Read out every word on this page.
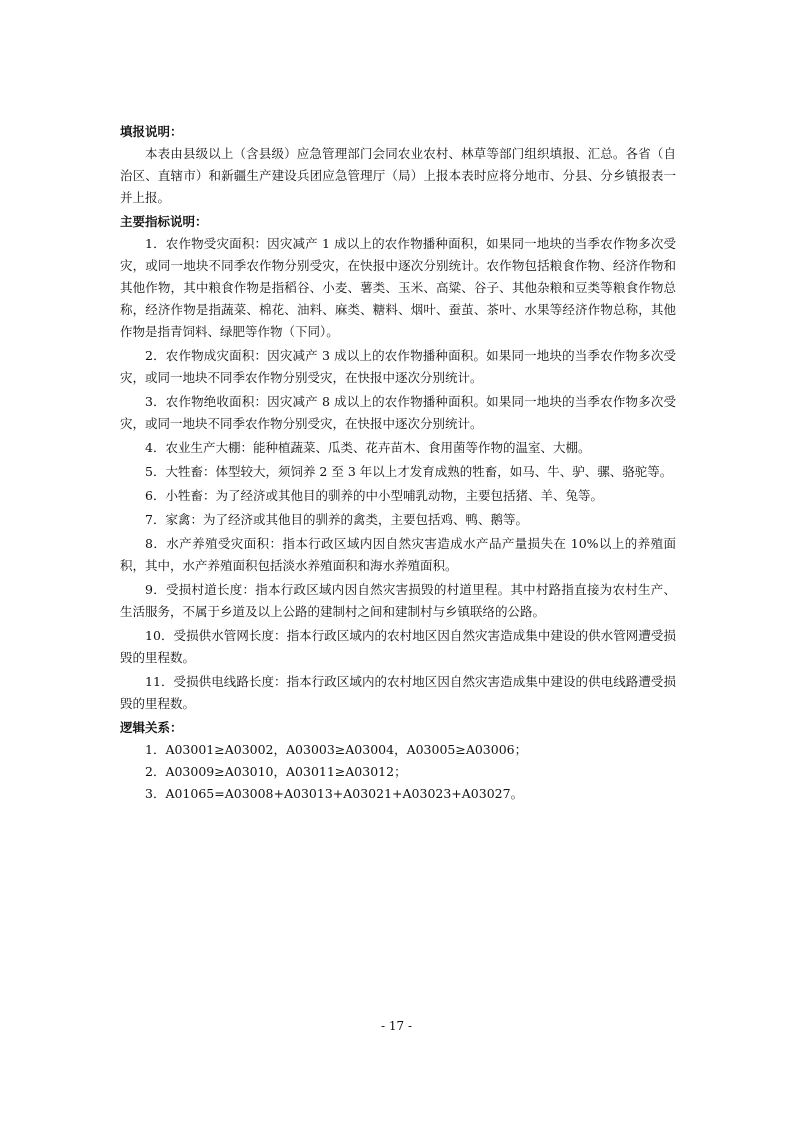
填报说明：

本表由县级以上（含县级）应急管理部门会同农业农村、林草等部门组织填报、汇总。各省（自治区、直辖市）和新疆生产建设兵团应急管理厅（局）上报本表时应将分地市、分县、分乡镇报表一并上报。

主要指标说明：

1．农作物受灾面积：因灾减产 1 成以上的农作物播种面积，如果同一地块的当季农作物多次受灾，或同一地块不同季农作物分别受灾，在快报中逐次分别统计。农作物包括粮食作物、经济作物和其他作物，其中粮食作物是指稻谷、小麦、薯类、玉米、高粱、谷子、其他杂粮和豆类等粮食作物总称，经济作物是指蔬菜、棉花、油料、麻类、糖料、烟叶、蚕茧、茶叶、水果等经济作物总称，其他作物是指青饲料、绿肥等作物（下同）。

2．农作物成灾面积：因灾减产 3 成以上的农作物播种面积。如果同一地块的当季农作物多次受灾，或同一地块不同季农作物分别受灾，在快报中逐次分别统计。

3．农作物绝收面积：因灾减产 8 成以上的农作物播种面积。如果同一地块的当季农作物多次受灾，或同一地块不同季农作物分别受灾，在快报中逐次分别统计。

4．农业生产大棚：能种植蔬菜、瓜类、花卉苗木、食用菌等作物的温室、大棚。

5．大牲畜：体型较大，须饲养 2 至 3 年以上才发育成熟的牲畜，如马、牛、驴、骡、骆驼等。

6．小牲畜：为了经济或其他目的驯养的中小型哺乳动物，主要包括猪、羊、兔等。

7．家禽：为了经济或其他目的驯养的禽类，主要包括鸡、鸭、鹅等。

8．水产养殖受灾面积：指本行政区域内因自然灾害造成水产品产量损失在 10%以上的养殖面积，其中，水产养殖面积包括淡水养殖面积和海水养殖面积。

9．受损村道长度：指本行政区域内因自然灾害损毁的村道里程。其中村路指直接为农村生产、生活服务，不属于乡道及以上公路的建制村之间和建制村与乡镇联络的公路。

10．受损供水管网长度：指本行政区域内的农村地区因自然灾害造成集中建设的供水管网遭受损毁的里程数。

11．受损供电线路长度：指本行政区域内的农村地区因自然灾害造成集中建设的供电线路遭受损毁的里程数。

逻辑关系：

1．A03001≥A03002，A03003≥A03004，A03005≥A03006；

2．A03009≥A03010，A03011≥A03012；

3．A01065=A03008+A03013+A03021+A03023+A03027。

- 17 -
